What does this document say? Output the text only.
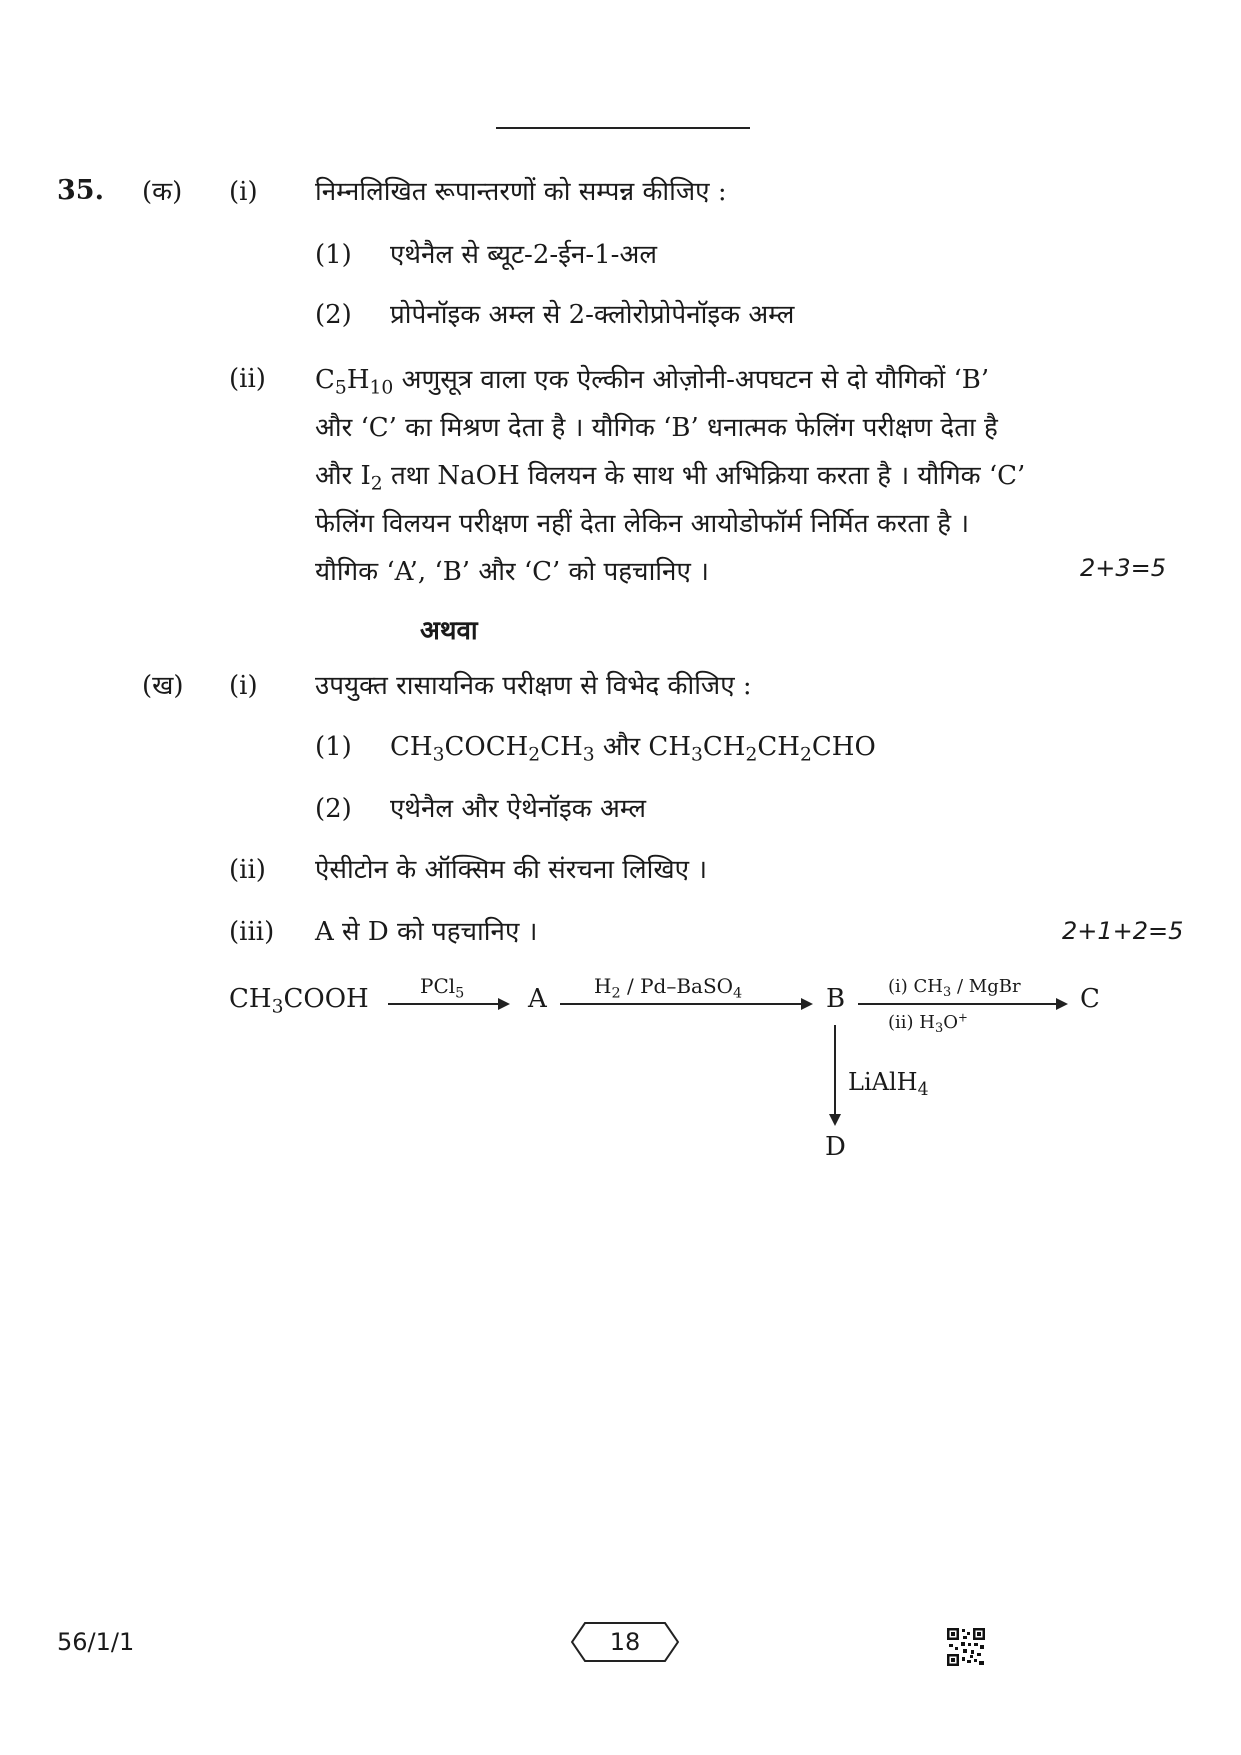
35. (क) (i) निम्नलिखित रूपान्तरणों को सम्पन्न कीजिए :
(1) एथेनैल से ब्यूट-2-ईन-1-अल
(2) प्रोपेनॉइक अम्ल से 2-क्लोरोप्रोपेनॉइक अम्ल
(ii) $C_5H_{10}$ अणुसूत्र वाला एक ऐल्कीन ओज़ोनी-अपघटन से दो यौगिकों ‘B’

और ‘C’ का मिश्रण देता है । यौगिक ‘B’ धनात्मक फेलिंग परीक्षण देता है

और $I_2$ तथा NaOH विलयन के साथ भी अभिक्रिया करता है । यौगिक ‘C’

फेलिंग विलयन परीक्षण नहीं देता लेकिन आयोडोफॉर्म निर्मित करता है ।

यौगिक ‘A’, ‘B’ और ‘C’ को पहचानिए ।	2+3=5
अथवा
(ख) (i) उपयुक्त रासायनिक परीक्षण से विभेद कीजिए :
(1) $CH_3COCH_2CH_3$ और $CH_3CH_2CH_2CHO$
(2) एथेनैल और ऐथेनॉइक अम्ल
(ii) ऐसीटोन के ऑक्सिम की संरचना लिखिए ।
(iii) A से D को पहचानिए ।	2+1+2=5
$CH_3COOH$	PCl$_5$ A $H_2$ / Pd–BaSO$_4$	B (i) $CH_3$ / MgBr
(ii) $H_3O^+$
C
LiAlH$_4$
D
56/1/1	18
